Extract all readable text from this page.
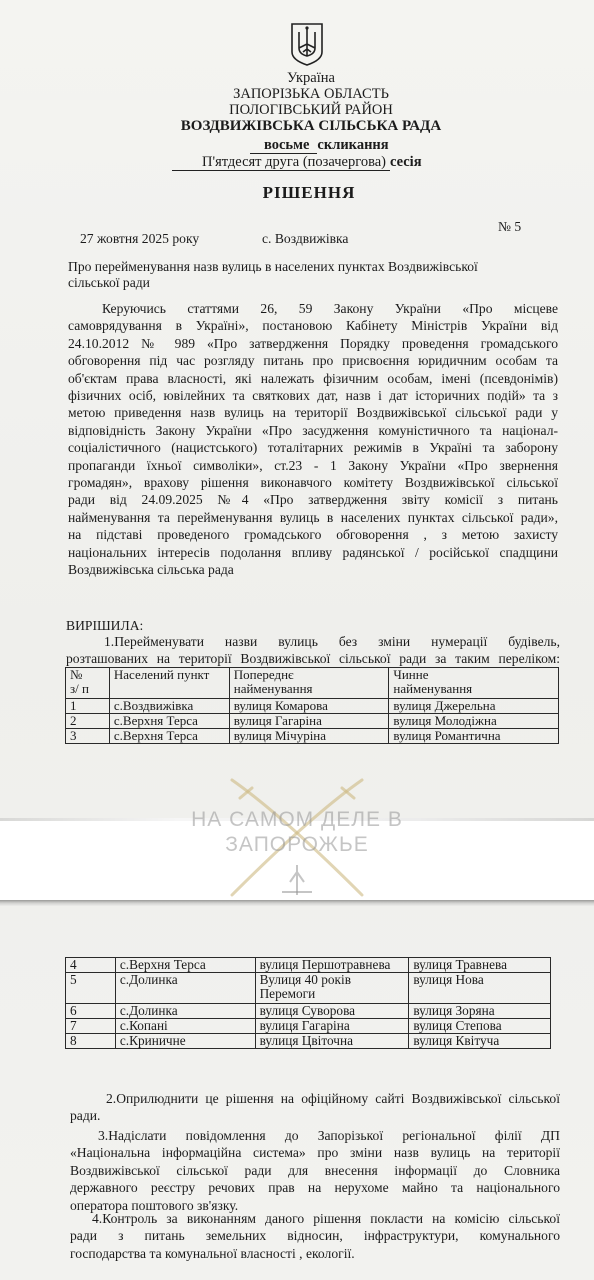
Україна
ЗАПОРІЗЬКА ОБЛАСТЬ
ПОЛОГІВСЬКИЙ РАЙОН
ВОЗДВИЖІВСЬКА СІЛЬСЬКА РАДА
восьме скликання
П'ятдесят друга (позачергова) сесія
РІШЕННЯ
27 жовтня 2025 року	с. Воздвижівка
№ 5
Про перейменування назв вулиць в населених пунктах Воздвижівської
сільської ради
Керуючись статтями 26, 59 Закону України «Про місцеве
самоврядування в Україні», постановою Кабінету Міністрів України від
24.10.2012 № 989 «Про затвердження Порядку проведення громадського
обговорення під час розгляду питань про присвоєння юридичним особам та
об'єктам права власності, які належать фізичним особам, імені (псевдонімів)
фізичних осіб, ювілейних та святкових дат, назв і дат історичних подій» та з
метою приведення назв вулиць на території Воздвижівської сільської ради у
відповідність Закону України «Про засудження комуністичного та націонал-
соціалістичного (нацистського) тоталітарних режимів в Україні та заборону
пропаганди їхньої символіки», ст.23 - 1 Закону України «Про звернення
громадян», врахову рішення виконавчого комітету Воздвижівської сільської
ради від 24.09.2025 №4 «Про затвердження звіту комісії з питань
найменування та перейменування вулиць в населених пунктах сільської ради»,
на підставі проведеного громадського обговорення , з метою захисту
національних інтересів подолання впливу радянської / російської спадщини
Воздвижівська сільська рада
ВИРІШИЛА:
1.Перейменувати назви вулиць без зміни нумерації будівель,
розташованих на території Воздвижівської сільської ради за таким переліком:
№
з/ п	Населений пункт	Попереднє
найменування	Чинне
найменування
1	с.Воздвижівка	вулиця Комарова	вулиця Джерельна
2	с.Верхня Терса	вулиця Гагаріна	вулиця Молодіжна
3	с.Верхня Терса	вулиця Мічуріна	вулиця Романтична
НА САМОМ ДЕЛЕ В
ЗАПОРОЖЬЕ
4	с.Верхня Терса	вулиця Першотравнева	вулиця Травнева
5	с.Долинка	Вулиця 40 років
Перемоги	вулиця Нова
6	с.Долинка	вулиця Суворова	вулиця Зоряна
7	с.Копані	вулиця Гагаріна	вулиця Степова
8	с.Криничне	вулиця Цвіточна	вулиця Квітуча
2.Оприлюднити це рішення на офіційному сайті Воздвижівської сільської
ради.
3.Надіслати повідомлення до Запорізької регіональної філії ДП
«Національна інформаційна система» про зміни назв вулиць на території
Воздвижівської сільської ради для внесення інформації до Словника
державного реєстру речових прав на нерухоме майно та національного
оператора поштового зв'язку.
4.Контроль за виконанням даного рішення покласти на комісію сільської
ради з питань земельних відносин, інфраструктури, комунального
господарства та комунальної власності , екології.
